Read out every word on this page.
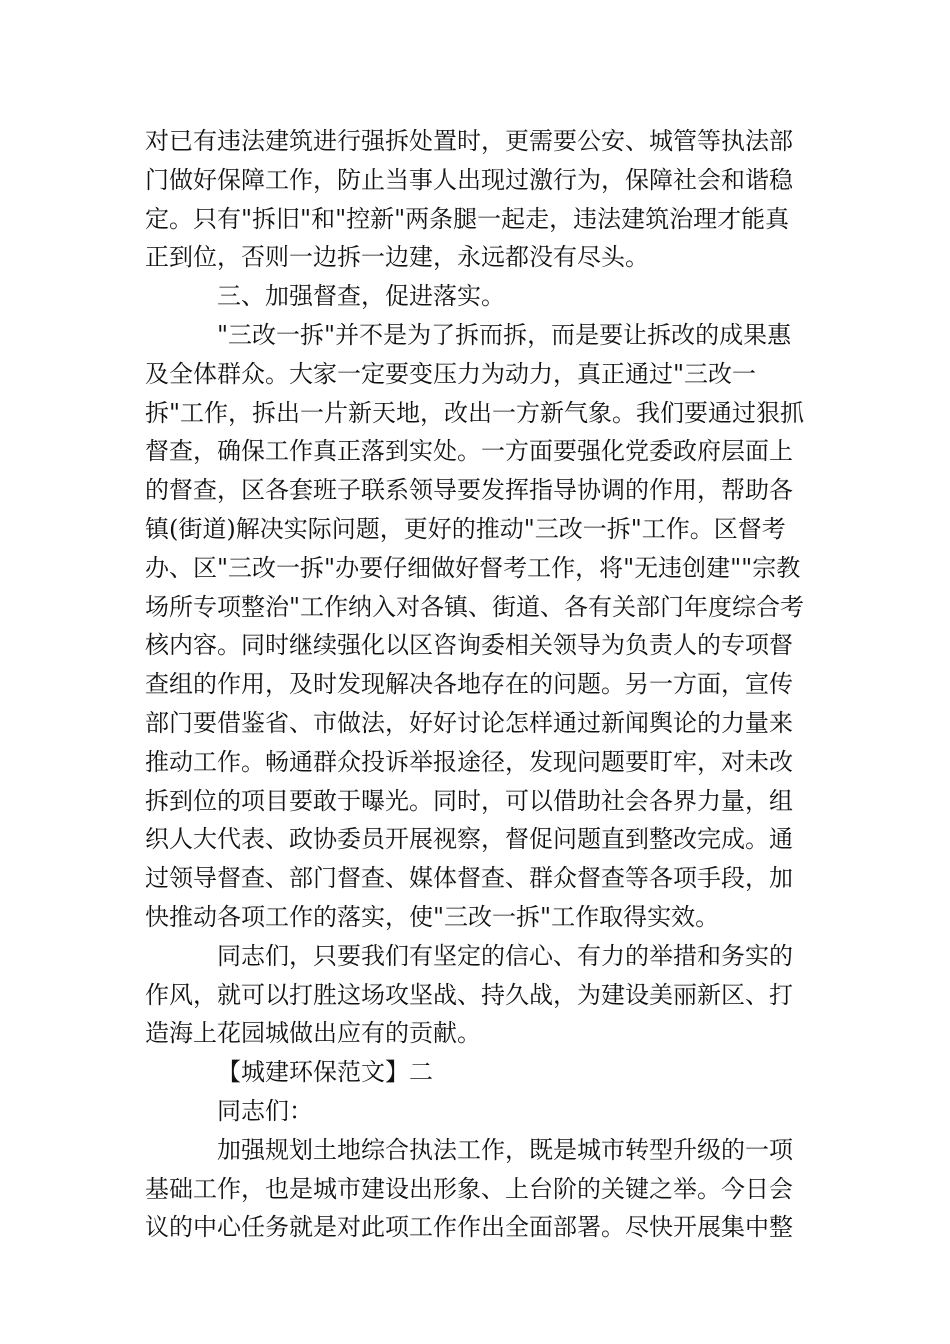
对已有违法建筑进行强拆处置时，更需要公安、城管等执法部
门做好保障工作，防止当事人出现过激行为，保障社会和谐稳
定。只有"拆旧"和"控新"两条腿一起走，违法建筑治理才能真
正到位，否则一边拆一边建，永远都没有尽头。
三、加强督查，促进落实。
"三改一拆"并不是为了拆而拆，而是要让拆改的成果惠
及全体群众。大家一定要变压力为动力，真正通过"三改一
拆"工作，拆出一片新天地，改出一方新气象。我们要通过狠抓
督查，确保工作真正落到实处。一方面要强化党委政府层面上
的督查，区各套班子联系领导要发挥指导协调的作用，帮助各
镇(街道)解决实际问题，更好的推动"三改一拆"工作。区督考
办、区"三改一拆"办要仔细做好督考工作，将"无违创建""宗教
场所专项整治"工作纳入对各镇、街道、各有关部门年度综合考
核内容。同时继续强化以区咨询委相关领导为负责人的专项督
查组的作用，及时发现解决各地存在的问题。另一方面，宣传
部门要借鉴省、市做法，好好讨论怎样通过新闻舆论的力量来
推动工作。畅通群众投诉举报途径，发现问题要盯牢，对未改
拆到位的项目要敢于曝光。同时，可以借助社会各界力量，组
织人大代表、政协委员开展视察，督促问题直到整改完成。通
过领导督查、部门督查、媒体督查、群众督查等各项手段，加
快推动各项工作的落实，使"三改一拆"工作取得实效。
同志们，只要我们有坚定的信心、有力的举措和务实的
作风，就可以打胜这场攻坚战、持久战，为建设美丽新区、打
造海上花园城做出应有的贡献。
【城建环保范文】二
同志们：
加强规划土地综合执法工作，既是城市转型升级的一项
基础工作，也是城市建设出形象、上台阶的关键之举。今日会
议的中心任务就是对此项工作作出全面部署。尽快开展集中整
